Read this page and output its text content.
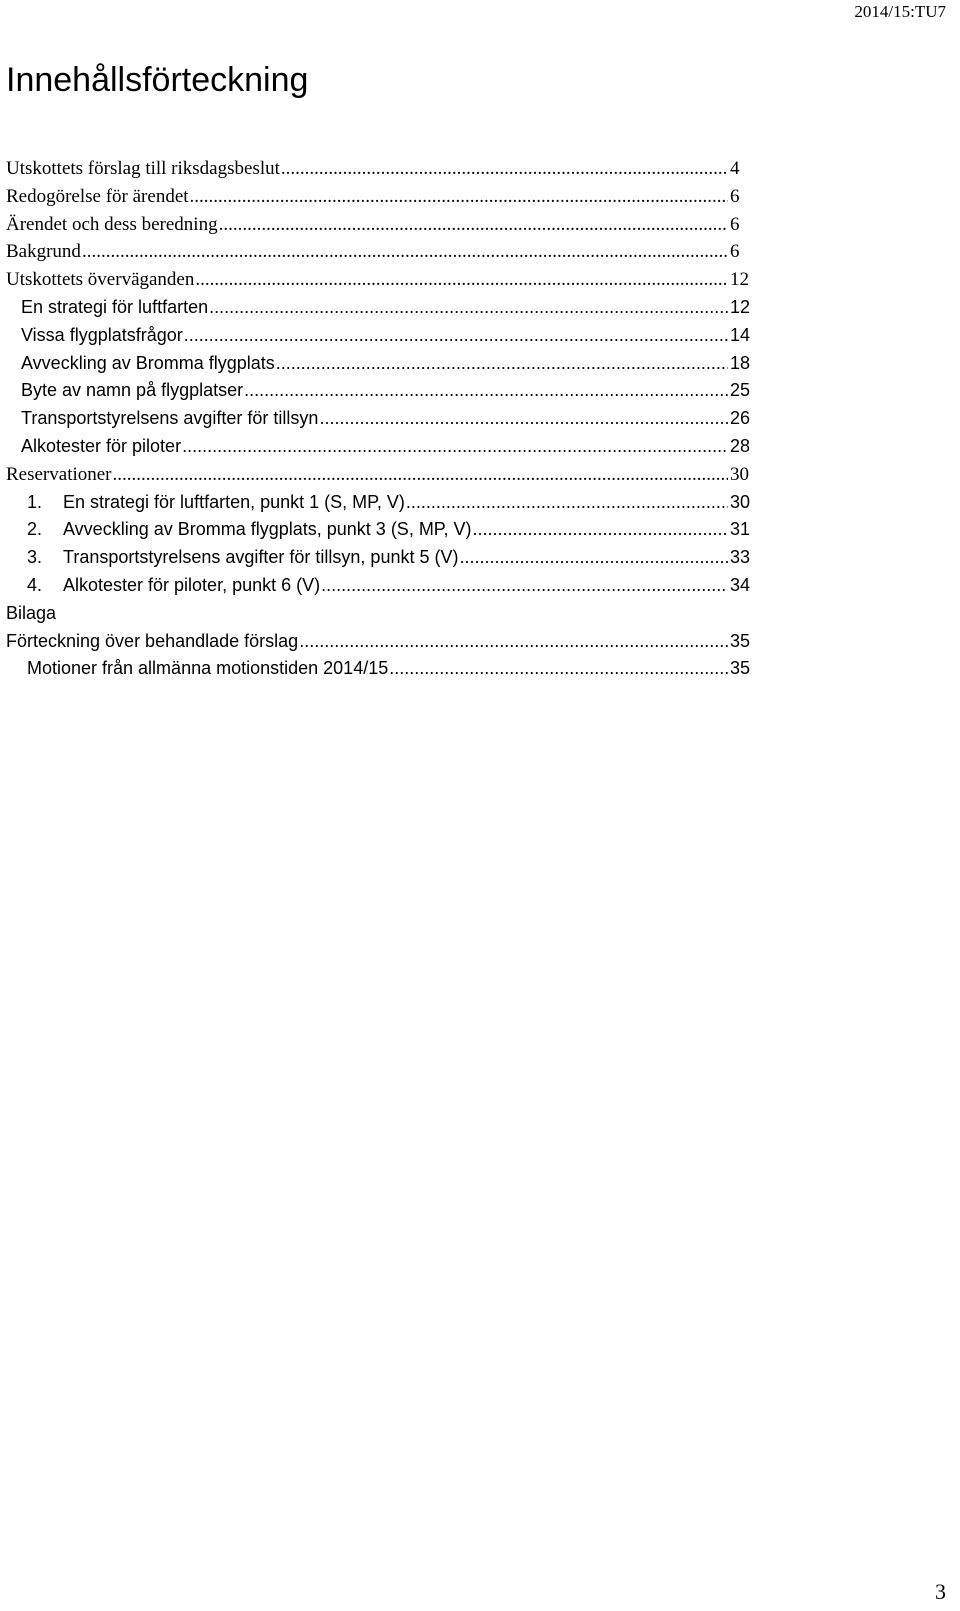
2014/15:TU7
Innehållsförteckning
Utskottets förslag till riksdagsbeslut .....	4
Redogörelse för ärendet .....	6
Ärendet och dess beredning .....	6
Bakgrund .....	6
Utskottets överväganden .....	12
En strategi för luftfarten .....	12
Vissa flygplatsfrågor .....	14
Avveckling av Bromma flygplats .....	18
Byte av namn på flygplatser .....	25
Transportstyrelsens avgifter för tillsyn .....	26
Alkotester för piloter .....	28
Reservationer .....	30
1.	En strategi för luftfarten, punkt 1 (S, MP, V) .....	30
2.	Avveckling av Bromma flygplats, punkt 3 (S, MP, V) .....	31
3.	Transportstyrelsens avgifter för tillsyn, punkt 5 (V) .....	33
4.	Alkotester för piloter, punkt 6 (V) .....	34
Bilaga
Förteckning över behandlade förslag .....	35
Motioner från allmänna motionstiden 2014/15 .....	35
3
